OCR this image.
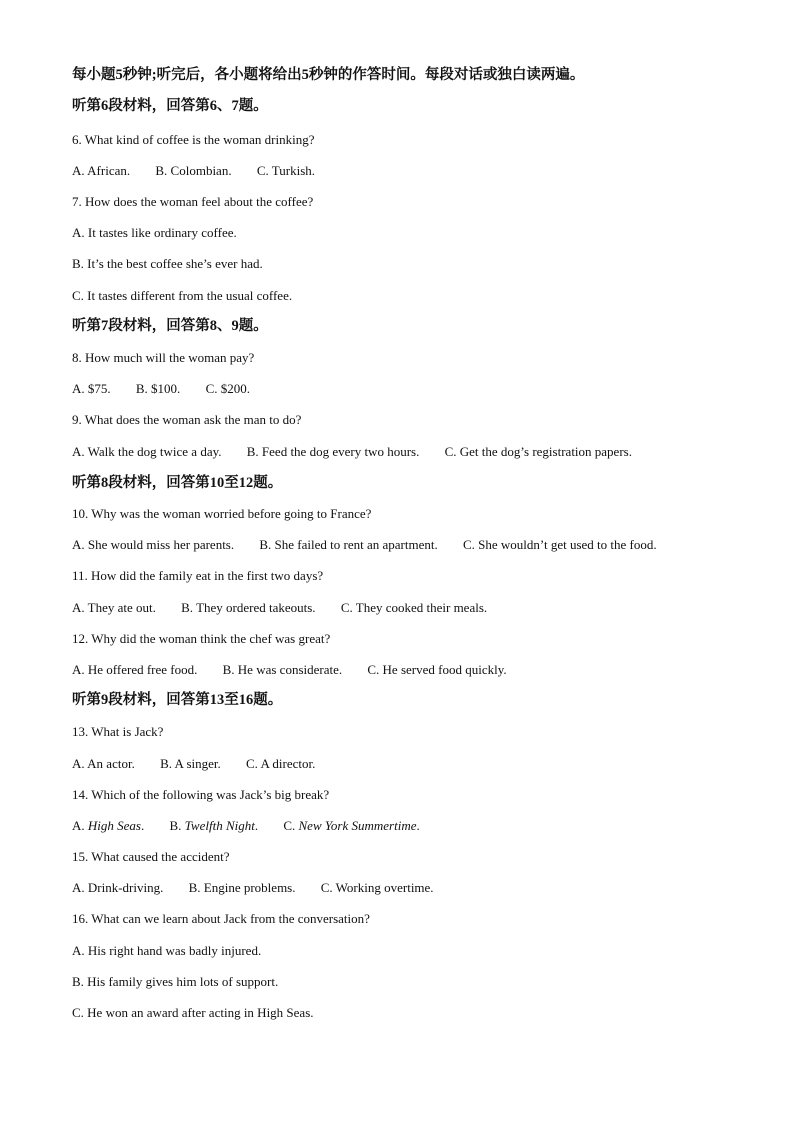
每小题5秒钟;听完后，各小题将给出5秒钟的作答时间。每段对话或独白读两遍。
听第6段材料，回答第6、7题。
6. What kind of coffee is the woman drinking?
A. African. B. Colombian. C. Turkish.
7. How does the woman feel about the coffee?
A. It tastes like ordinary coffee.
B. It’s the best coffee she’s ever had.
C. It tastes different from the usual coffee.
听第7段材料，回答第8、9题。
8. How much will the woman pay?
A. $75. B. $100. C. $200.
9. What does the woman ask the man to do?
A. Walk the dog twice a day. B. Feed the dog every two hours. C. Get the dog’s registration papers.
听第8段材料，回答第10至12题。
10. Why was the woman worried before going to France?
A. She would miss her parents. B. She failed to rent an apartment. C. She wouldn’t get used to the food.
11. How did the family eat in the first two days?
A. They ate out. B. They ordered takeouts. C. They cooked their meals.
12. Why did the woman think the chef was great?
A. He offered free food. B. He was considerate. C. He served food quickly.
听第9段材料，回答第13至16题。
13. What is Jack?
A. An actor. B. A singer. C. A director.
14. Which of the following was Jack’s big break?
A. High Seas. B. Twelfth Night. C. New York Summertime.
15. What caused the accident?
A. Drink-driving. B. Engine problems. C. Working overtime.
16. What can we learn about Jack from the conversation?
A. His right hand was badly injured.
B. His family gives him lots of support.
C. He won an award after acting in High Seas.
